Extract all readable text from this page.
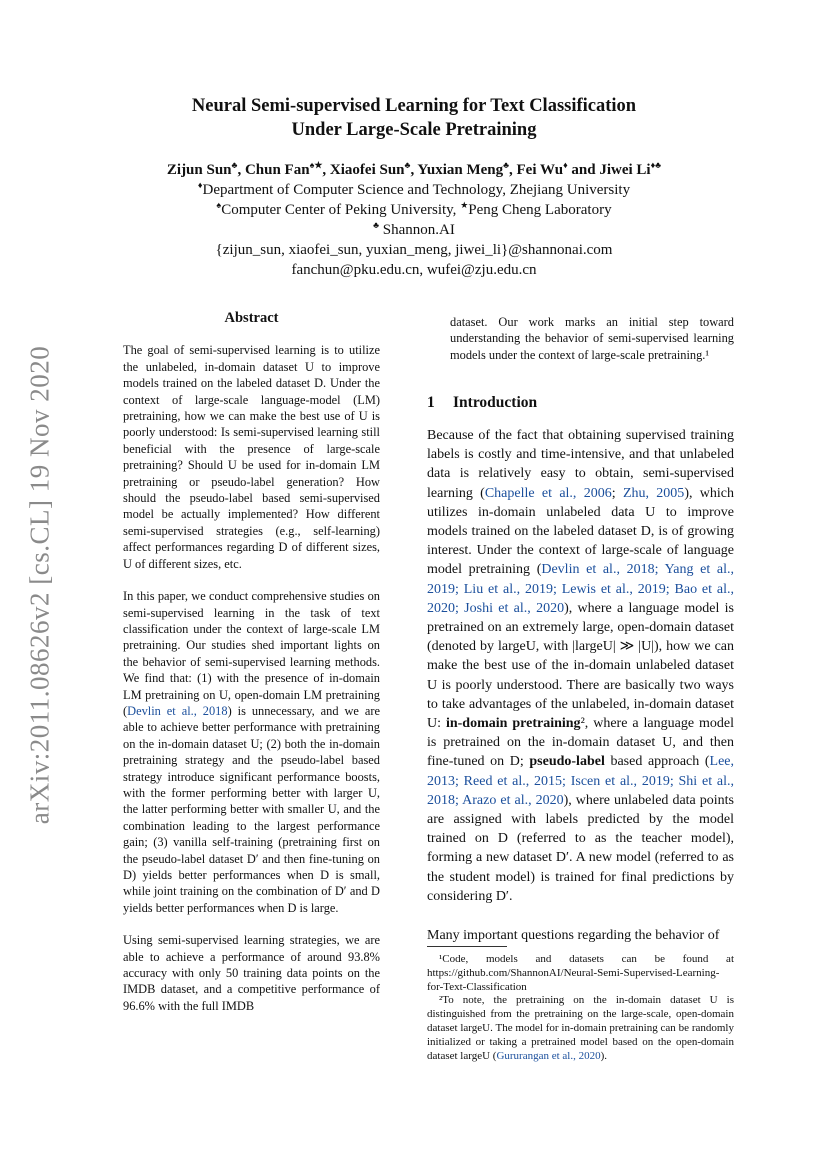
arXiv:2011.08626v2 [cs.CL] 19 Nov 2020
Neural Semi-supervised Learning for Text Classification
Under Large-Scale Pretraining
Zijun Sun♣, Chun Fan♠★, Xiaofei Sun♣, Yuxian Meng♣, Fei Wu♦ and Jiwei Li♦♣
♦Department of Computer Science and Technology, Zhejiang University
♠Computer Center of Peking University, ★Peng Cheng Laboratory
♣ Shannon.AI
{zijun_sun, xiaofei_sun, yuxian_meng, jiwei_li}@shannonai.com
fanchun@pku.edu.cn, wufei@zju.edu.cn
Abstract

The goal of semi-supervised learning is to utilize the unlabeled, in-domain dataset U to improve models trained on the labeled dataset D. Under the context of large-scale language-model (LM) pretraining, how we can make the best use of U is poorly understood: Is semi-supervised learning still beneficial with the presence of large-scale pretraining? Should U be used for in-domain LM pretraining or pseudo-label generation? How should the pseudo-label based semi-supervised model be actually implemented? How different semi-supervised strategies (e.g., self-learning) affect performances regarding D of different sizes, U of different sizes, etc.

In this paper, we conduct comprehensive studies on semi-supervised learning in the task of text classification under the context of large-scale LM pretraining. Our studies shed important lights on the behavior of semi-supervised learning methods. We find that: (1) with the presence of in-domain LM pretraining on U, open-domain LM pretraining (Devlin et al., 2018) is unnecessary, and we are able to achieve better performance with pretraining on the in-domain dataset U; (2) both the in-domain pretraining strategy and the pseudo-label based strategy introduce significant performance boosts, with the former performing better with larger U, the latter performing better with smaller U, and the combination leading to the largest performance gain; (3) vanilla self-training (pretraining first on the pseudo-label dataset D′ and then fine-tuning on D) yields better performances when D is small, while joint training on the combination of D′ and D yields better performances when D is large.

Using semi-supervised learning strategies, we are able to achieve a performance of around 93.8% accuracy with only 50 training data points on the IMDB dataset, and a competitive performance of 96.6% with the full IMDB

dataset. Our work marks an initial step toward understanding the behavior of semi-supervised learning models under the context of large-scale pretraining.¹

1 Introduction

Because of the fact that obtaining supervised training labels is costly and time-intensive, and that unlabeled data is relatively easy to obtain, semi-supervised learning (Chapelle et al., 2006; Zhu, 2005), which utilizes in-domain unlabeled data U to improve models trained on the labeled dataset D, is of growing interest. Under the context of large-scale of language model pretraining (Devlin et al., 2018; Yang et al., 2019; Liu et al., 2019; Lewis et al., 2019; Bao et al., 2020; Joshi et al., 2020), where a language model is pretrained on an extremely large, open-domain dataset (denoted by largeU, with |largeU| ≫ |U|), how we can make the best use of the in-domain unlabeled dataset U is poorly understood. There are basically two ways to take advantages of the unlabeled, in-domain dataset U: in-domain pretraining², where a language model is pretrained on the in-domain dataset U, and then fine-tuned on D; pseudo-label based approach (Lee, 2013; Reed et al., 2015; Iscen et al., 2019; Shi et al., 2018; Arazo et al., 2020), where unlabeled data points are assigned with labels predicted by the model trained on D (referred to as the teacher model), forming a new dataset D′. A new model (referred to as the student model) is trained for final predictions by considering D′.

Many important questions regarding the behavior of

¹Code, models and datasets can be found at https://github.com/ShannonAI/Neural-Semi-Supervised-Learning-for-Text-Classification

²To note, the pretraining on the in-domain dataset U is distinguished from the pretraining on the large-scale, open-domain dataset largeU. The model for in-domain pretraining can be randomly initialized or taking a pretrained model based on the open-domain dataset largeU (Gururangan et al., 2020).
